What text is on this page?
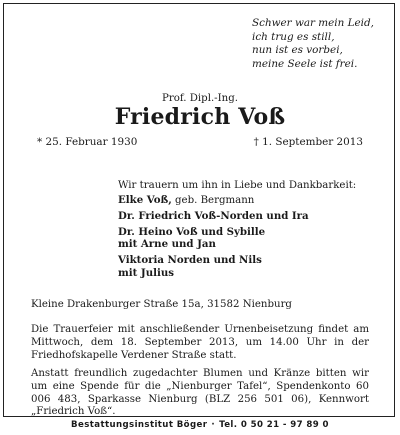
Schwer war mein Leid,
ich trug es still,
nun ist es vorbei,
meine Seele ist frei.
Prof. Dipl.-Ing.
Friedrich Voß
* 25. Februar 1930	† 1. September 2013
Wir trauern um ihn in Liebe und Dankbarkeit:
Elke Voß, geb. Bergmann
Dr. Friedrich Voß-Norden und Ira
Dr. Heino Voß und Sybille
mit Arne und Jan
Viktoria Norden und Nils
mit Julius
Kleine Drakenburger Straße 15a, 31582 Nienburg
Die Trauerfeier mit anschließender Urnenbeisetzung findet am Mittwoch, dem 18. September 2013, um 14.00 Uhr in der Friedhofskapelle Verdener Straße statt.
Anstatt freundlich zugedachter Blumen und Kränze bitten wir um eine Spende für die „Nienburger Tafel“, Spendenkonto 60 006 483, Sparkasse Nienburg (BLZ 256 501 06), Kennwort „Friedrich Voß“.
Bestattungsinstitut Böger · Tel. 0 50 21 - 97 89 0
